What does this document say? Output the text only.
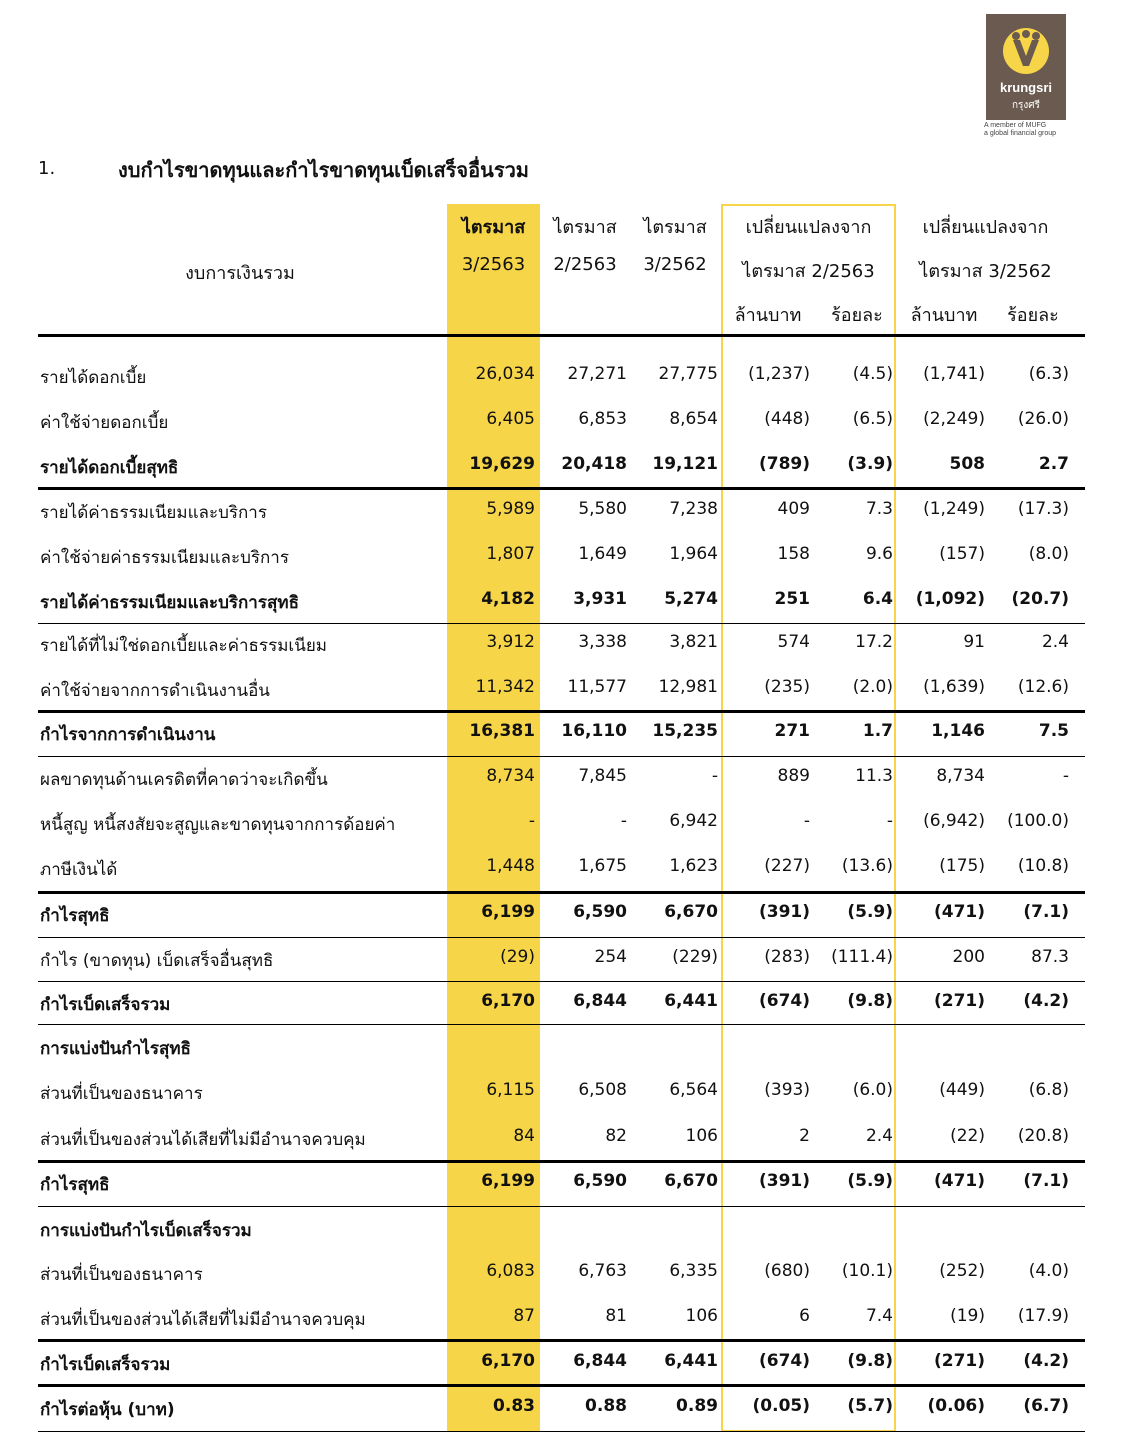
krungsri
กรุงศรี
A member of MUFG
a global financial group
1.	งบกำไรขาดทุนและกำไรขาดทุนเบ็ดเสร็จอื่นรวม
งบการเงินรวม
ไตรมาส
3/2563
ไตรมาส
2/2563
ไตรมาส
3/2562
เปลี่ยนแปลงจาก
ไตรมาส 2/2563
ล้านบาท	ร้อยละ
เปลี่ยนแปลงจาก
ไตรมาส 3/2562
ล้านบาท	ร้อยละ
รายได้ดอกเบี้ย	26,034	27,271	27,775	(1,237)	(4.5)	(1,741)	(6.3)
ค่าใช้จ่ายดอกเบี้ย	6,405	6,853	8,654	(448)	(6.5)	(2,249)	(26.0)
รายได้ดอกเบี้ยสุทธิ	19,629	20,418	19,121	(789)	(3.9)	508	2.7
รายได้ค่าธรรมเนียมและบริการ	5,989	5,580	7,238	409	7.3	(1,249)	(17.3)
ค่าใช้จ่ายค่าธรรมเนียมและบริการ	1,807	1,649	1,964	158	9.6	(157)	(8.0)
รายได้ค่าธรรมเนียมและบริการสุทธิ	4,182	3,931	5,274	251	6.4	(1,092)	(20.7)
รายได้ที่ไม่ใช่ดอกเบี้ยและค่าธรรมเนียม	3,912	3,338	3,821	574	17.2	91	2.4
ค่าใช้จ่ายจากการดำเนินงานอื่น	11,342	11,577	12,981	(235)	(2.0)	(1,639)	(12.6)
กำไรจากการดำเนินงาน	16,381	16,110	15,235	271	1.7	1,146	7.5
ผลขาดทุนด้านเครดิตที่คาดว่าจะเกิดขึ้น	8,734	7,845	-	889	11.3	8,734	-
หนี้สูญ หนี้สงสัยจะสูญและขาดทุนจากการด้อยค่า	-	-	6,942	-	-	(6,942)	(100.0)
ภาษีเงินได้	1,448	1,675	1,623	(227)	(13.6)	(175)	(10.8)
กำไรสุทธิ	6,199	6,590	6,670	(391)	(5.9)	(471)	(7.1)
กำไร (ขาดทุน) เบ็ดเสร็จอื่นสุทธิ	(29)	254	(229)	(283)	(111.4)	200	87.3
กำไรเบ็ดเสร็จรวม	6,170	6,844	6,441	(674)	(9.8)	(271)	(4.2)
การแบ่งปันกำไรสุทธิ
ส่วนที่เป็นของธนาคาร	6,115	6,508	6,564	(393)	(6.0)	(449)	(6.8)
ส่วนที่เป็นของส่วนได้เสียที่ไม่มีอำนาจควบคุม	84	82	106	2	2.4	(22)	(20.8)
กำไรสุทธิ	6,199	6,590	6,670	(391)	(5.9)	(471)	(7.1)
การแบ่งปันกำไรเบ็ดเสร็จรวม
ส่วนที่เป็นของธนาคาร	6,083	6,763	6,335	(680)	(10.1)	(252)	(4.0)
ส่วนที่เป็นของส่วนได้เสียที่ไม่มีอำนาจควบคุม	87	81	106	6	7.4	(19)	(17.9)
กำไรเบ็ดเสร็จรวม	6,170	6,844	6,441	(674)	(9.8)	(271)	(4.2)
กำไรต่อหุ้น (บาท)	0.83	0.88	0.89	(0.05)	(5.7)	(0.06)	(6.7)
